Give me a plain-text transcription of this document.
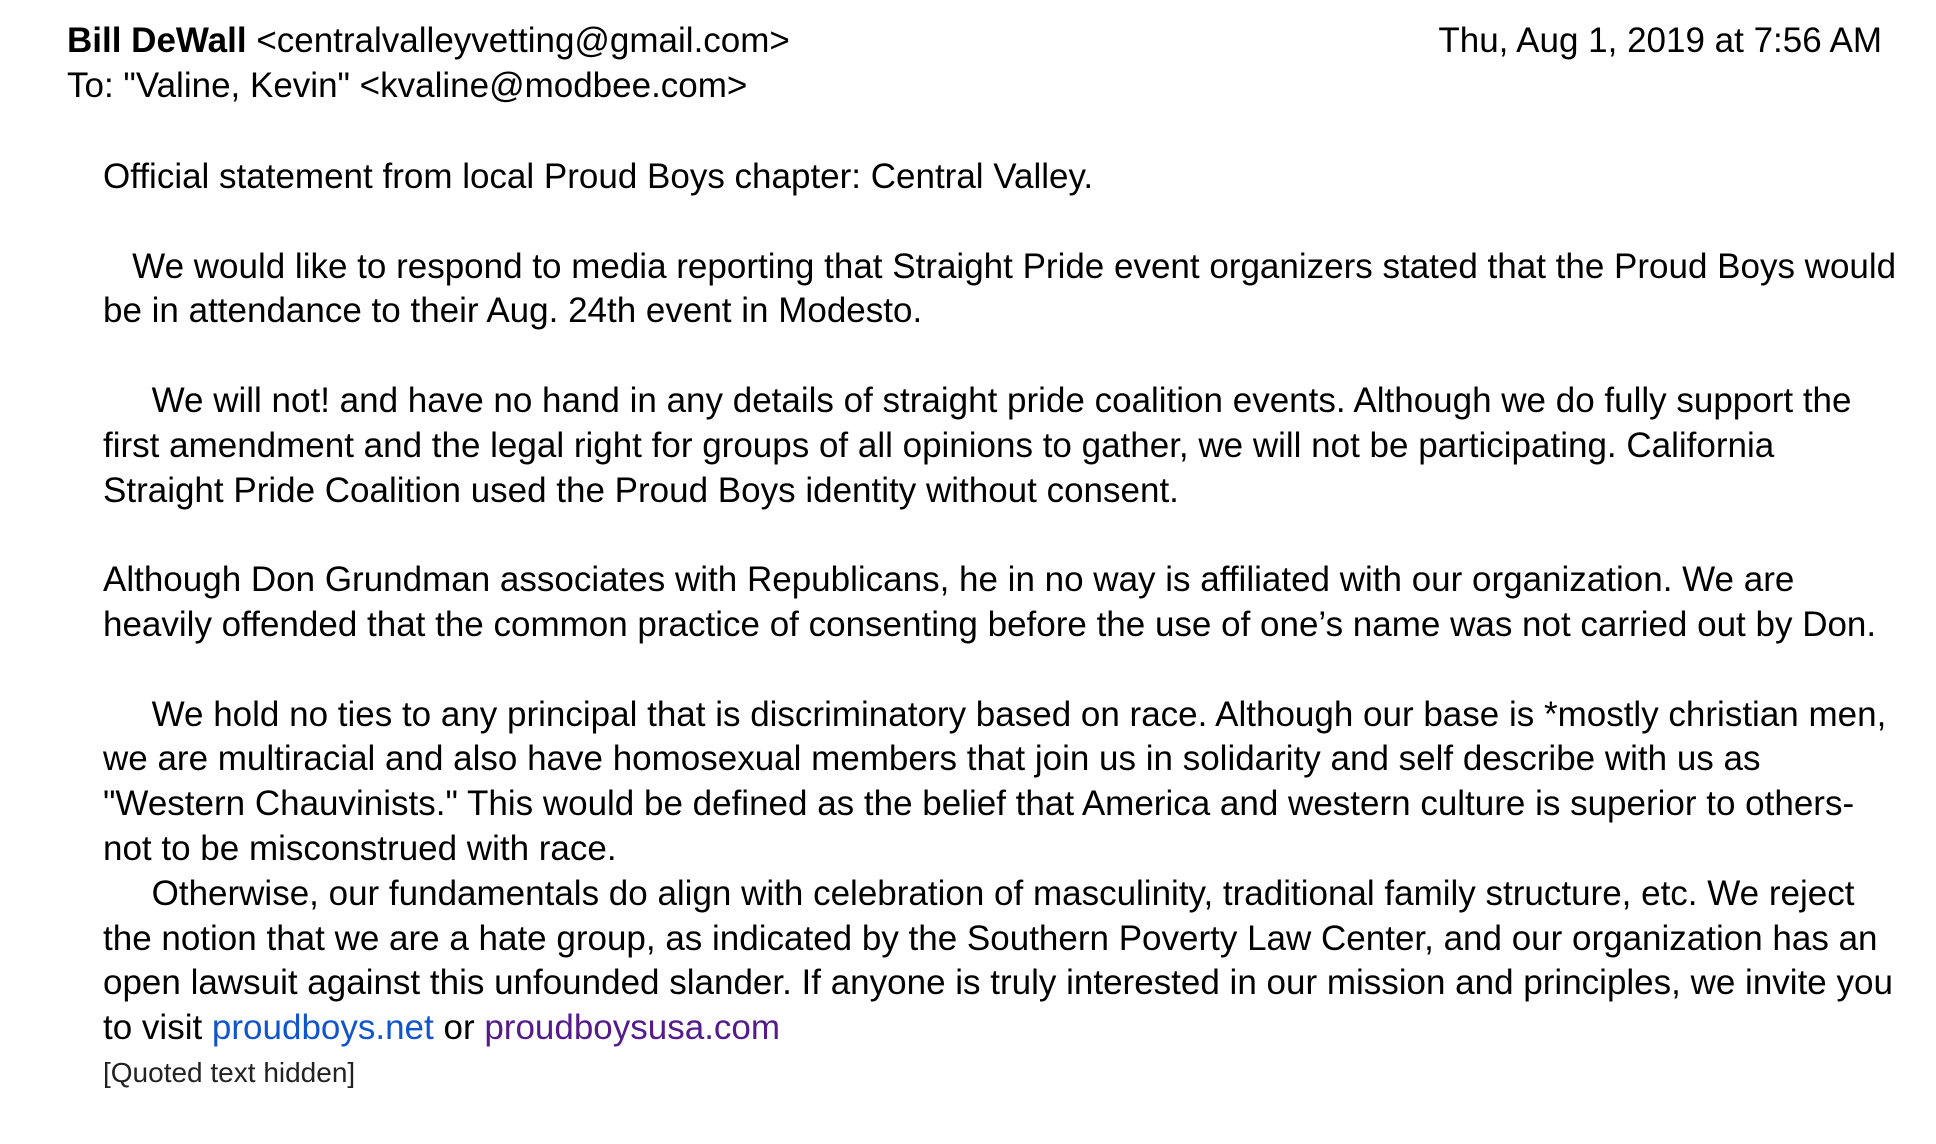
Bill DeWall <centralvalleyvetting@gmail.com>	Thu, Aug 1, 2019 at 7:56 AM
To: "Valine, Kevin" <kvaline@modbee.com>

Official statement from local Proud Boys chapter: Central Valley.

We would like to respond to media reporting that Straight Pride event organizers stated that the Proud Boys would be in attendance to their Aug. 24th event in Modesto.

We will not! and have no hand in any details of straight pride coalition events. Although we do fully support the first amendment and the legal right for groups of all opinions to gather, we will not be participating. California Straight Pride Coalition used the Proud Boys identity without consent.

Although Don Grundman associates with Republicans, he in no way is affiliated with our organization. We are heavily offended that the common practice of consenting before the use of one’s name was not carried out by Don.

We hold no ties to any principal that is discriminatory based on race. Although our base is *mostly christian men, we are multiracial and also have homosexual members that join us in solidarity and self describe with us as "Western Chauvinists." This would be defined as the belief that America and western culture is superior to others- not to be misconstrued with race.

Otherwise, our fundamentals do align with celebration of masculinity, traditional family structure, etc. We reject the notion that we are a hate group, as indicated by the Southern Poverty Law Center, and our organization has an open lawsuit against this unfounded slander. If anyone is truly interested in our mission and principles, we invite you to visit proudboys.net or proudboysusa.com

[Quoted text hidden]
